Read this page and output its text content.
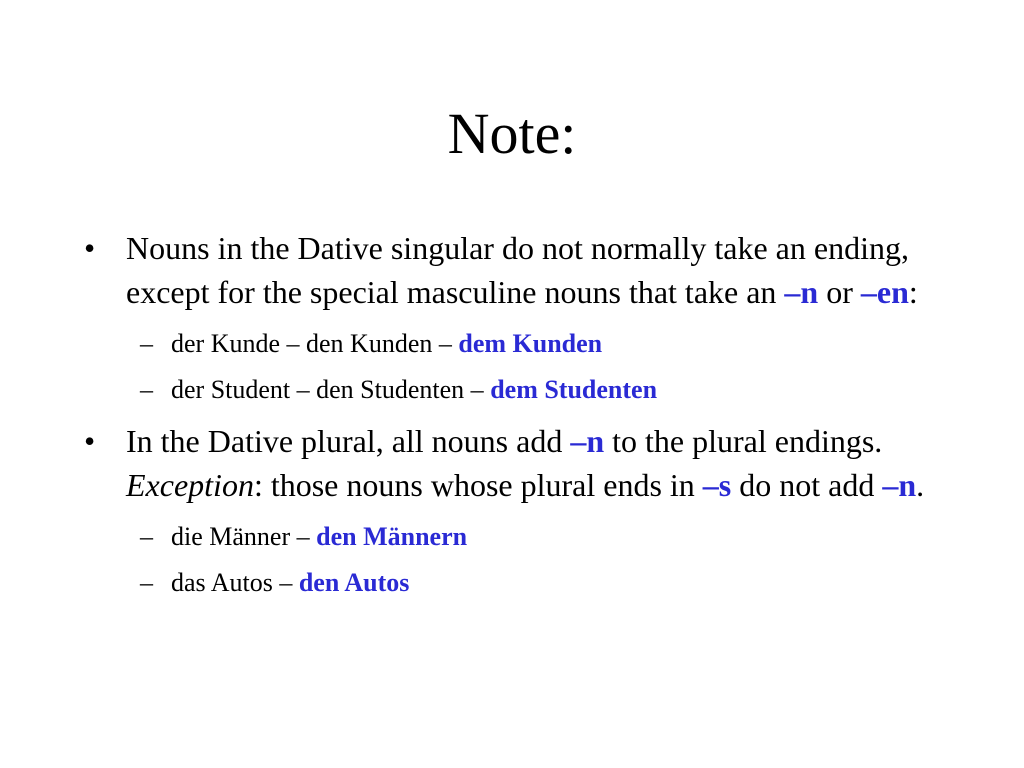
Note:
• Nouns in the Dative singular do not normally take an ending, except for the special masculine nouns that take an –n or –en:
– der Kunde – den Kunden – dem Kunden
– der Student – den Studenten – dem Studenten
• In the Dative plural, all nouns add –n to the plural endings. Exception: those nouns whose plural ends in –s do not add –n.
– die Männer – den Männern
– das Autos – den Autos
